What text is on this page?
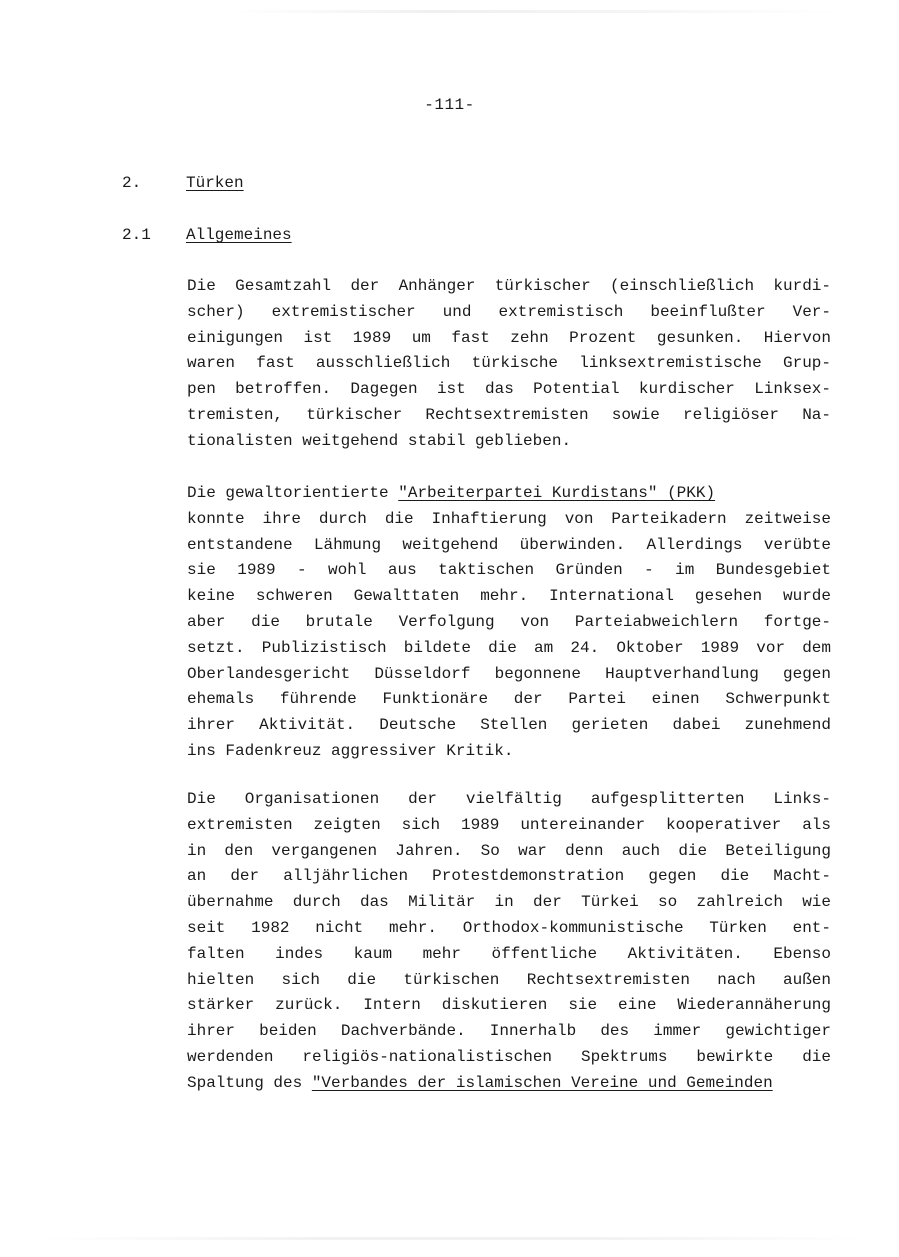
-111-
2.	Türken
2.1 Allgemeines
Die Gesamtzahl der Anhänger türkischer (einschließlich kurdi-
scher) extremistischer und extremistisch beeinflußter Ver-
einigungen ist 1989 um fast zehn Prozent gesunken. Hiervon
waren fast ausschließlich türkische linksextremistische Grup-
pen betroffen. Dagegen ist das Potential kurdischer Linksex-
tremisten, türkischer Rechtsextremisten sowie religiöser Na-
tionalisten weitgehend stabil geblieben.
Die gewaltorientierte "Arbeiterpartei Kurdistans" (PKK)
konnte ihre durch die Inhaftierung von Parteikadern zeitweise
entstandene Lähmung weitgehend überwinden. Allerdings verübte
sie 1989 - wohl aus taktischen Gründen - im Bundesgebiet
keine schweren Gewalttaten mehr. International gesehen wurde
aber die brutale Verfolgung von Parteiabweichlern fortge-
setzt. Publizistisch bildete die am 24. Oktober 1989 vor dem
Oberlandesgericht Düsseldorf begonnene Hauptverhandlung gegen
ehemals führende Funktionäre der Partei einen Schwerpunkt
ihrer Aktivität. Deutsche Stellen gerieten dabei zunehmend
ins Fadenkreuz aggressiver Kritik.
Die Organisationen der vielfältig aufgesplitterten Links-
extremisten zeigten sich 1989 untereinander kooperativer als
in den vergangenen Jahren. So war denn auch die Beteiligung
an der alljährlichen Protestdemonstration gegen die Macht-
übernahme durch das Militär in der Türkei so zahlreich wie
seit 1982 nicht mehr. Orthodox-kommunistische Türken ent-
falten indes kaum mehr öffentliche Aktivitäten. Ebenso
hielten sich die türkischen Rechtsextremisten nach außen
stärker zurück. Intern diskutieren sie eine Wiederannäherung
ihrer beiden Dachverbände. Innerhalb des immer gewichtiger
werdenden religiös-nationalistischen Spektrums bewirkte die
Spaltung des "Verbandes der islamischen Vereine und Gemeinden
